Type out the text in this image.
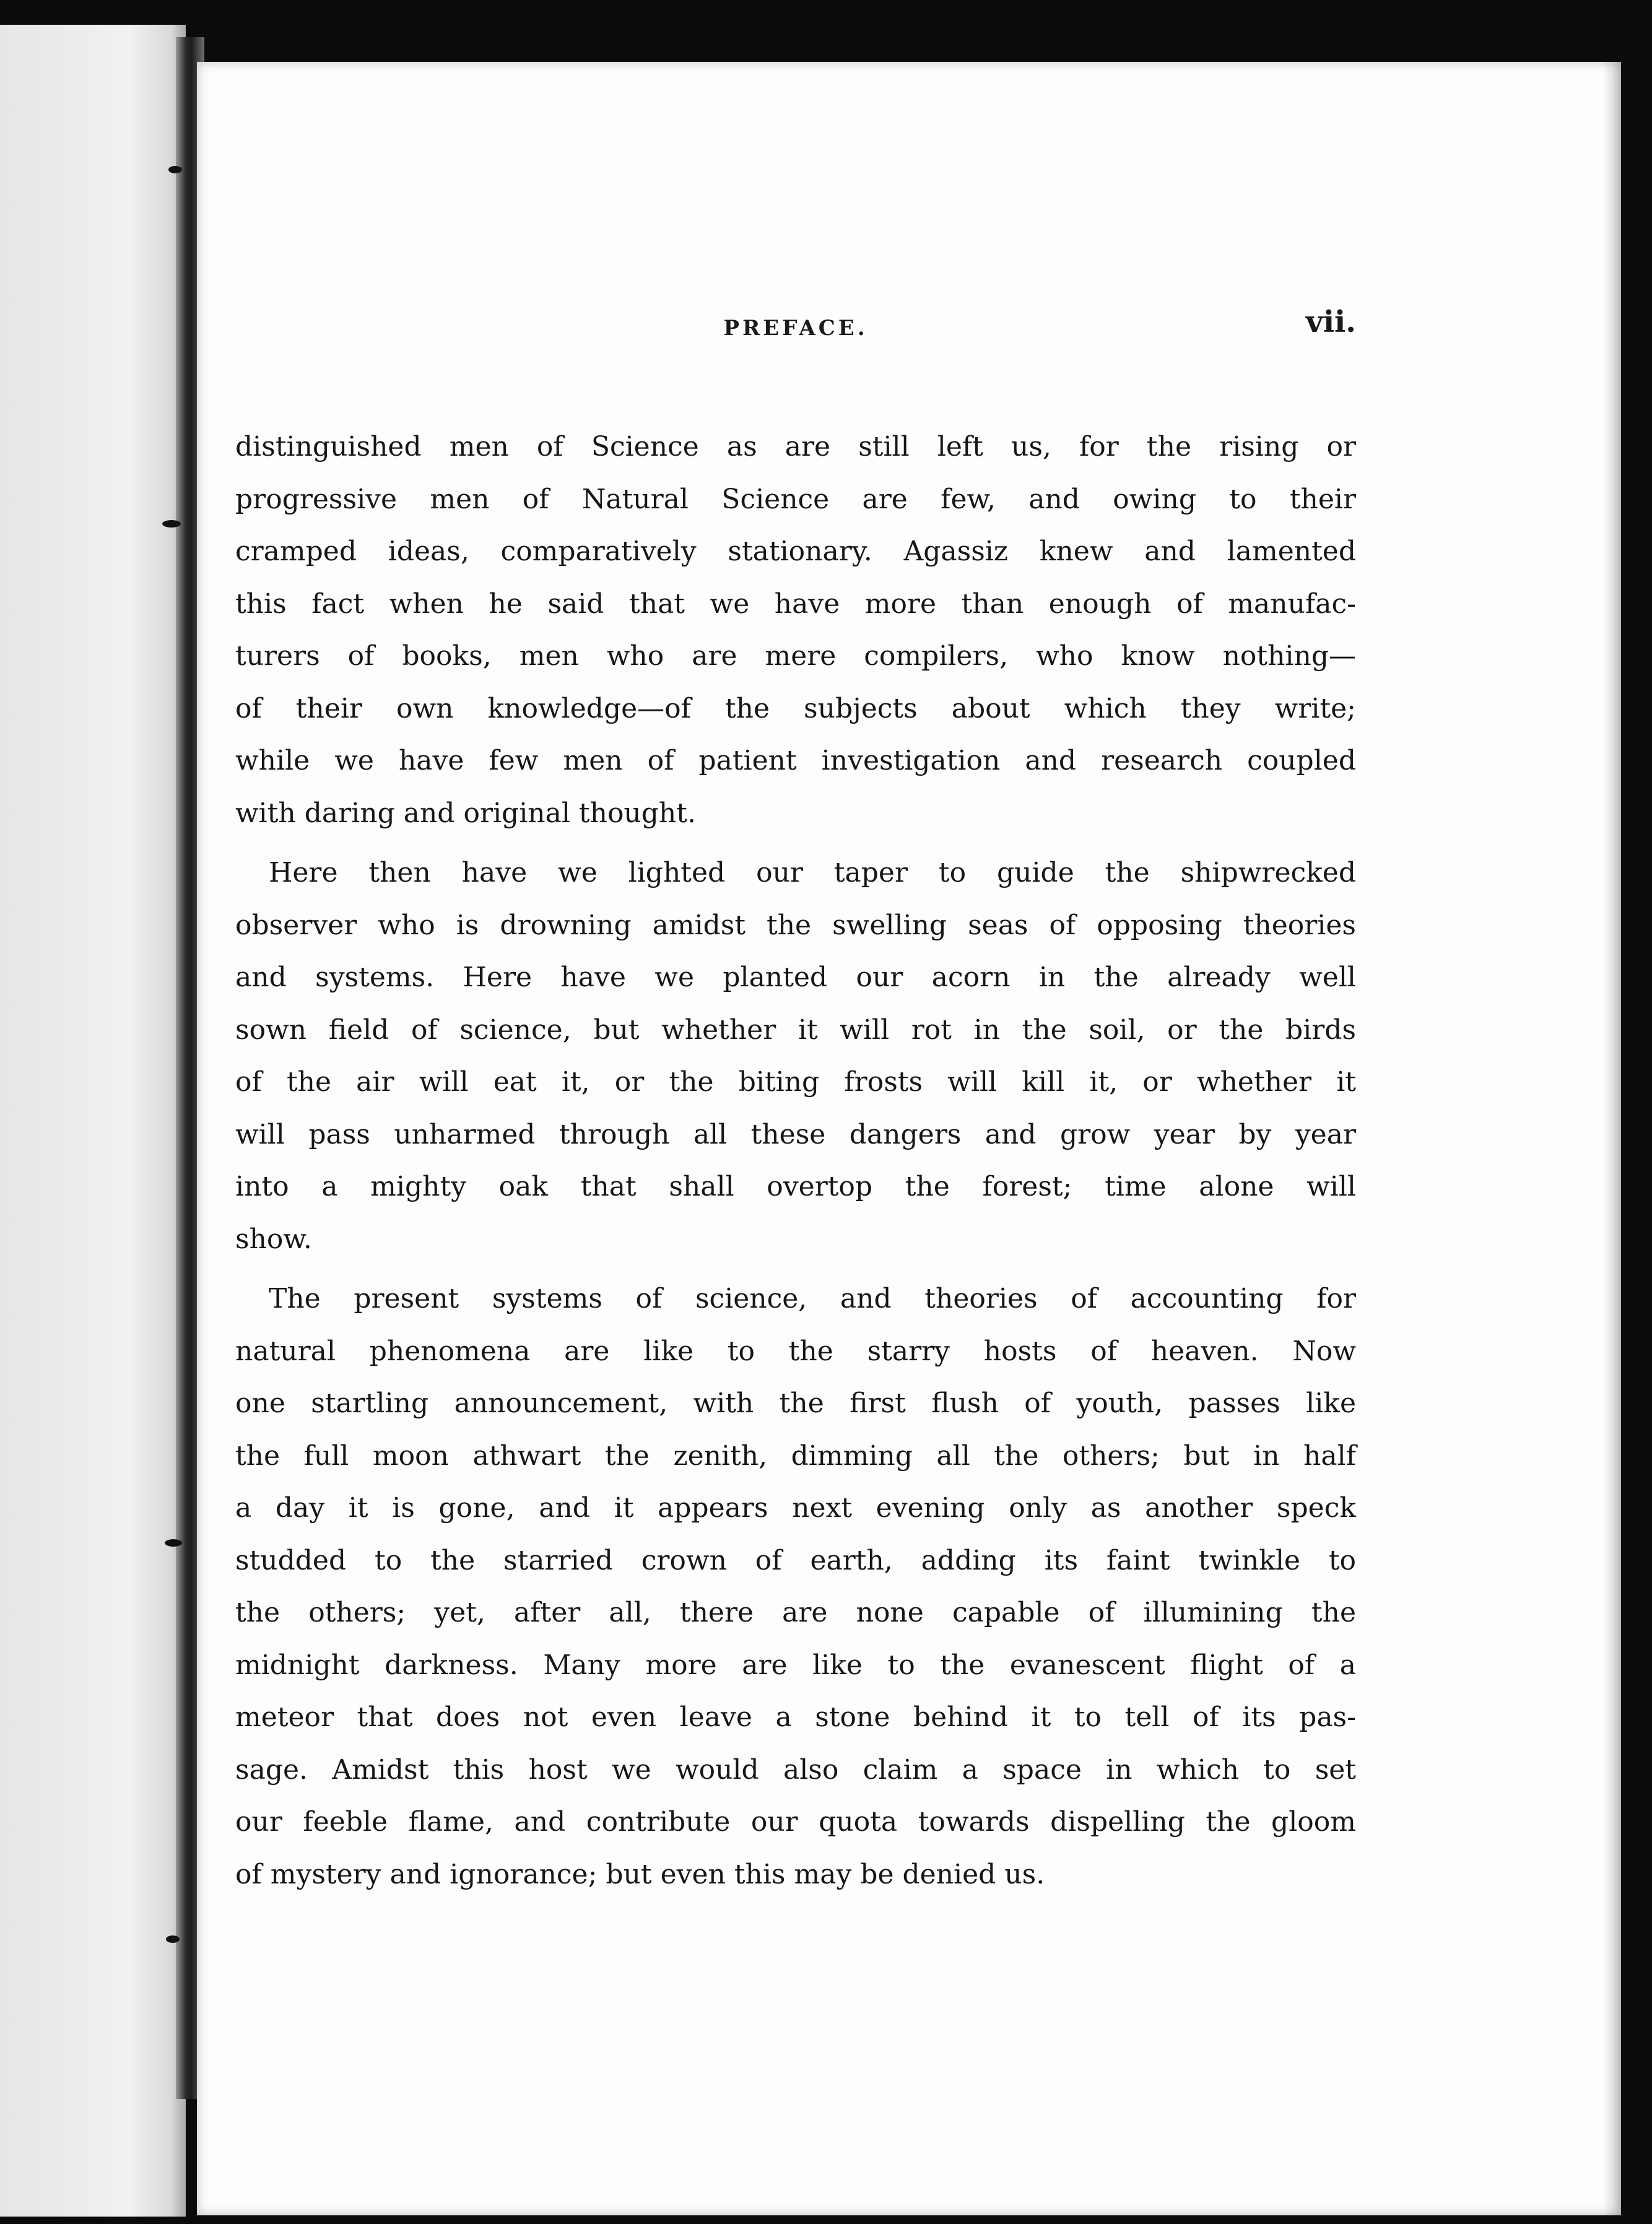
PREFACE.	vii.

distinguished men of Science as are still left us, for the rising or
progressive men of Natural Science are few, and owing to their
cramped ideas, comparatively stationary. Agassiz knew and lamented
this fact when he said that we have more than enough of manufac-
turers of books, men who are mere compilers, who know nothing—
of their own knowledge—of the subjects about which they write;
while we have few men of patient investigation and research coupled
with daring and original thought.

Here then have we lighted our taper to guide the shipwrecked
observer who is drowning amidst the swelling seas of opposing theories
and systems. Here have we planted our acorn in the already well
sown field of science, but whether it will rot in the soil, or the birds
of the air will eat it, or the biting frosts will kill it, or whether it
will pass unharmed through all these dangers and grow year by year
into a mighty oak that shall overtop the forest; time alone will
show.

The present systems of science, and theories of accounting for
natural phenomena are like to the starry hosts of heaven. Now
one startling announcement, with the first flush of youth, passes like
the full moon athwart the zenith, dimming all the others; but in half
a day it is gone, and it appears next evening only as another speck
studded to the starried crown of earth, adding its faint twinkle to
the others; yet, after all, there are none capable of illumining the
midnight darkness. Many more are like to the evanescent flight of a
meteor that does not even leave a stone behind it to tell of its pas-
sage. Amidst this host we would also claim a space in which to set
our feeble flame, and contribute our quota towards dispelling the gloom
of mystery and ignorance; but even this may be denied us.
